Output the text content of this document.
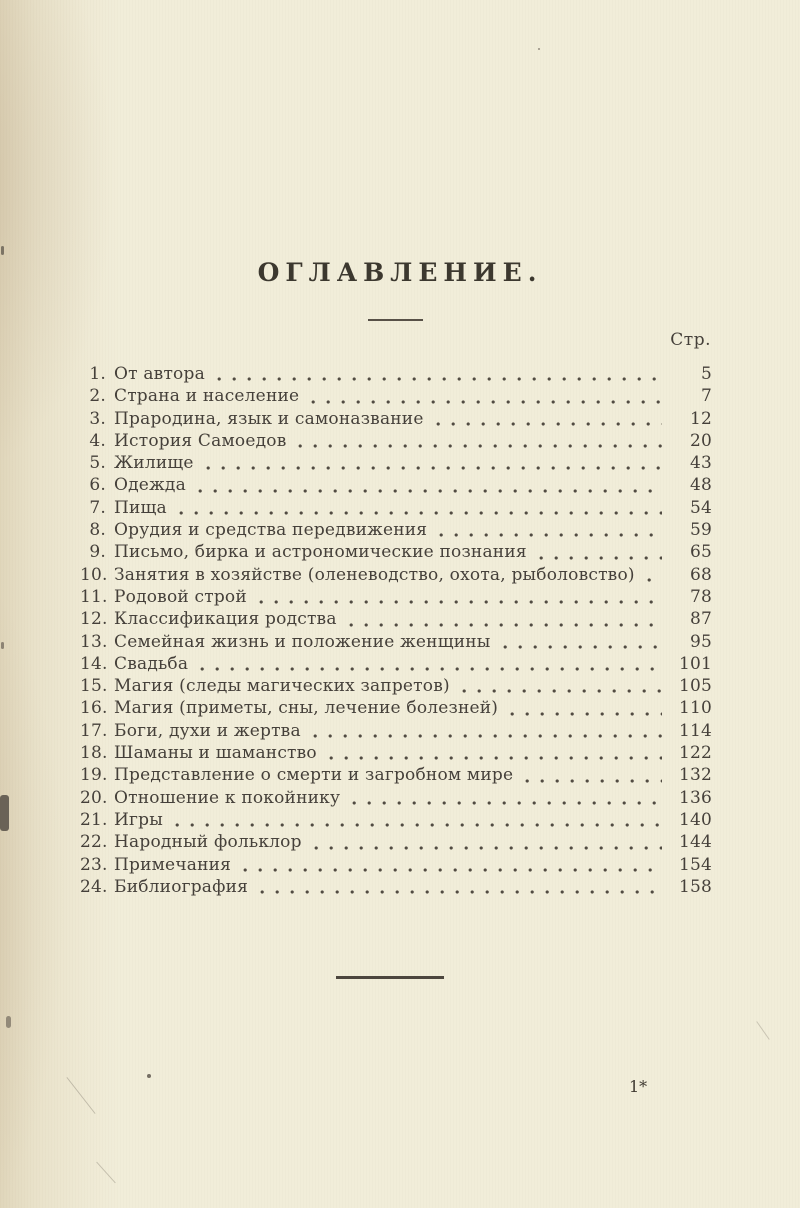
ОГЛАВЛЕНИЕ.
Стр.
1. От автора	5
2. Страна и население	7
3. Прародина, язык и самоназвание	12
4. История Самоедов	20
5. Жилище	43
6. Одежда	48
7. Пища	54
8. Орудия и средства передвижения	59
9. Письмо, бирка и астрономические познания	65
10. Занятия в хозяйстве (оленеводство, охота, рыболовство)	68
11. Родовой строй	78
12. Классификация родства	87
13. Семейная жизнь и положение женщины	95
14. Свадьба	101
15. Магия (следы магических запретов)	105
16. Магия (приметы, сны, лечение болезней)	110
17. Боги, духи и жертва	114
18. Шаманы и шаманство	122
19. Представление о смерти и загробном мире	132
20. Отношение к покойнику	136
21. Игры	140
22. Народный фольклор	144
23. Примечания	154
24. Библиография	158
1*
